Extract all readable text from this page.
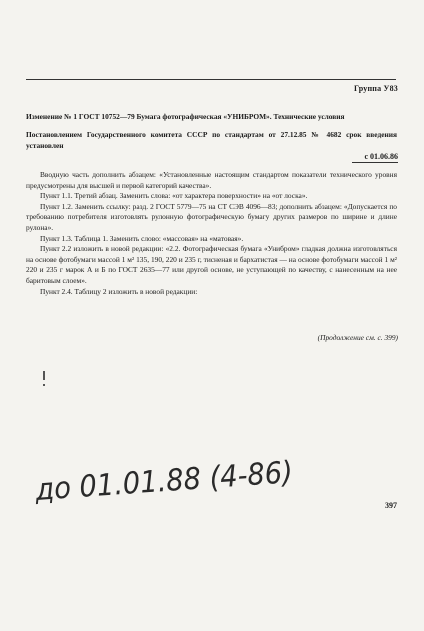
Группа У83
Изменение № 1 ГОСТ 10752—79 Бумага фотографическая «УНИБРОМ». Технические условия
Постановлением Государственного комитета СССР по стандартам от 27.12.85 № 4682 срок введения установлен
с 01.06.86

Вводную часть дополнить абзацем: «Установленные настоящим стандартом показатели технического уровня предусмотрены для высшей и первой категорий качества».

Пункт 1.1. Третий абзац. Заменить слова: «от характера поверхности» на «от лоска».

Пункт 1.2. Заменить ссылку: разд. 2 ГОСТ 5779—75 на СТ СЭВ 4096—83; дополнить абзацем: «Допускается по требованию потребителя изготовлять рулонную фотографическую бумагу других размеров по ширине и длине рулона».

Пункт 1.3. Таблица 1. Заменить слово: «массовая» на «матовая».

Пункт 2.2 изложить в новой редакции: «2.2. Фотографическая бумага «Унибром» гладкая должна изготовляться на основе фотобумаги массой 1 м² 135, 190, 220 и 235 г, тисненая и бархатистая — на основе фотобумаги массой 1 м² 220 и 235 г марок А и Б по ГОСТ 2635—77 или другой основе, не уступающей по качеству, с нанесенным на нее баритовым слоем».

Пункт 2.4. Таблицу 2 изложить в новой редакции:

(Продолжение см. с. 399)
до 01.01.88 (4-86)	397
